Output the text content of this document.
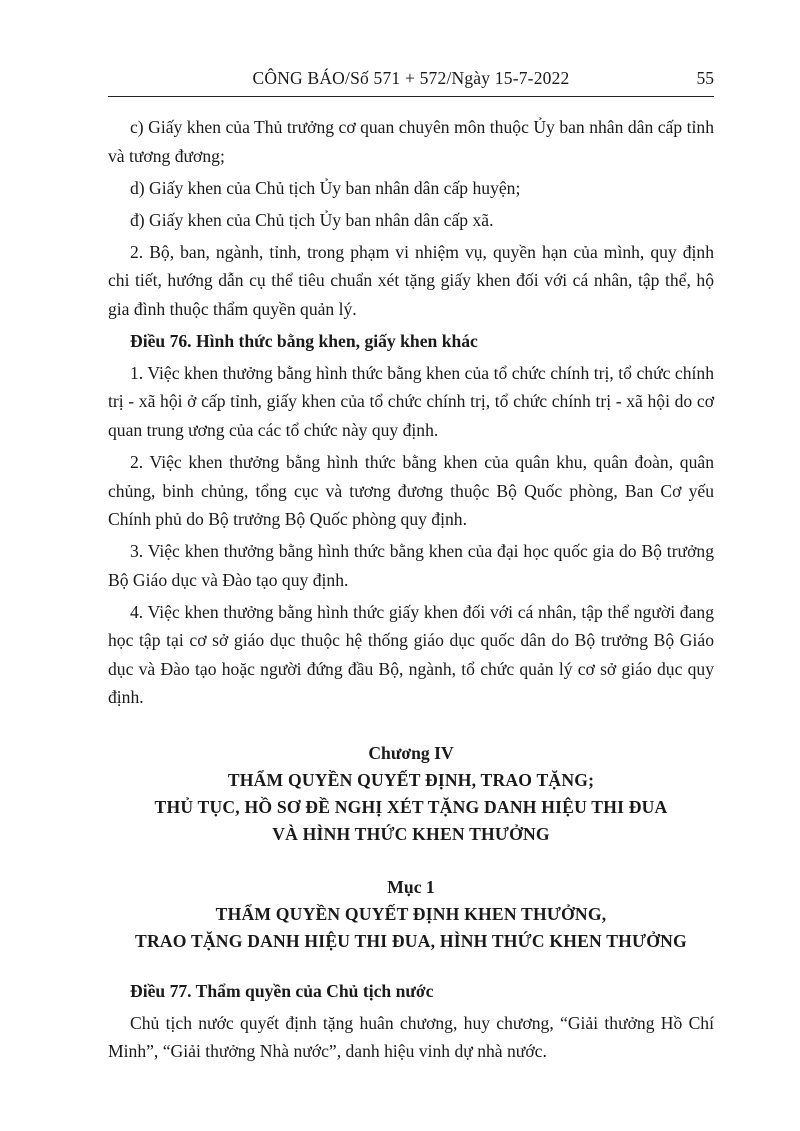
CÔNG BÁO/Số 571 + 572/Ngày 15-7-2022	55

c) Giấy khen của Thủ trưởng cơ quan chuyên môn thuộc Ủy ban nhân dân cấp tỉnh và tương đương;

d) Giấy khen của Chủ tịch Ủy ban nhân dân cấp huyện;

đ) Giấy khen của Chủ tịch Ủy ban nhân dân cấp xã.

2. Bộ, ban, ngành, tỉnh, trong phạm vi nhiệm vụ, quyền hạn của mình, quy định chi tiết, hướng dẫn cụ thể tiêu chuẩn xét tặng giấy khen đối với cá nhân, tập thể, hộ gia đình thuộc thẩm quyền quản lý.

Điều 76. Hình thức bằng khen, giấy khen khác

1. Việc khen thưởng bằng hình thức bằng khen của tổ chức chính trị, tổ chức chính trị - xã hội ở cấp tỉnh, giấy khen của tổ chức chính trị, tổ chức chính trị - xã hội do cơ quan trung ương của các tổ chức này quy định.

2. Việc khen thưởng bằng hình thức bằng khen của quân khu, quân đoàn, quân chủng, binh chủng, tổng cục và tương đương thuộc Bộ Quốc phòng, Ban Cơ yếu Chính phủ do Bộ trưởng Bộ Quốc phòng quy định.

3. Việc khen thưởng bằng hình thức bằng khen của đại học quốc gia do Bộ trưởng Bộ Giáo dục và Đào tạo quy định.

4. Việc khen thưởng bằng hình thức giấy khen đối với cá nhân, tập thể người đang học tập tại cơ sở giáo dục thuộc hệ thống giáo dục quốc dân do Bộ trưởng Bộ Giáo dục và Đào tạo hoặc người đứng đầu Bộ, ngành, tổ chức quản lý cơ sở giáo dục quy định.

Chương IV
THẨM QUYỀN QUYẾT ĐỊNH, TRAO TẶNG;
THỦ TỤC, HỒ SƠ ĐỀ NGHỊ XÉT TẶNG DANH HIỆU THI ĐUA
VÀ HÌNH THỨC KHEN THƯỞNG
Mục 1
THẨM QUYỀN QUYẾT ĐỊNH KHEN THƯỞNG,
TRAO TẶNG DANH HIỆU THI ĐUA, HÌNH THỨC KHEN THƯỞNG

Điều 77. Thẩm quyền của Chủ tịch nước

Chủ tịch nước quyết định tặng huân chương, huy chương, “Giải thưởng Hồ Chí Minh”, “Giải thưởng Nhà nước”, danh hiệu vinh dự nhà nước.
